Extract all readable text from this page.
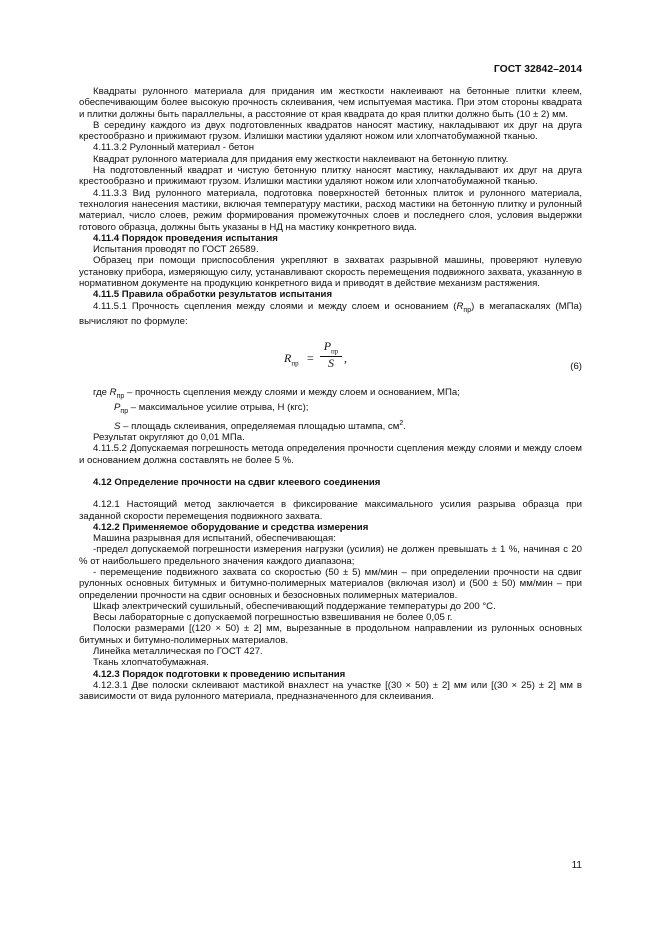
ГОСТ 32842–2014

Квадраты рулонного материала для придания им жесткости наклеивают на бетонные плитки клеем, обеспечивающим более высокую прочность склеивания, чем испытуемая мастика. При этом стороны квадрата и плитки должны быть параллельны, а расстояние от края квадрата до края плитки должно быть (10 ± 2) мм.

В середину каждого из двух подготовленных квадратов наносят мастику, накладывают их друг на друга крестообразно и прижимают грузом. Излишки мастики удаляют ножом или хлопчатобумажной тканью.

4.11.3.2 Рулонный материал - бетон

Квадрат рулонного материала для придания ему жесткости наклеивают на бетонную плитку.

На подготовленный квадрат и чистую бетонную плитку наносят мастику, накладывают их друг на друга крестообразно и прижимают грузом. Излишки мастики удаляют ножом или хлопчатобумажной тканью.

4.11.3.3 Вид рулонного материала, подготовка поверхностей бетонных плиток и рулонного материала, технология нанесения мастики, включая температуру мастики, расход мастики на бетонную плитку и рулонный материал, число слоев, режим формирования промежуточных слоев и последнего слоя, условия выдержки готового образца, должны быть указаны в НД на мастику конкретного вида.

4.11.4 Порядок проведения испытания

Испытания проводят по ГОСТ 26589.

Образец при помощи приспособления укрепляют в захватах разрывной машины, проверяют нулевую установку прибора, измеряющую силу, устанавливают скорость перемещения подвижного захвата, указанную в нормативном документе на продукцию конкретного вида и приводят в действие механизм растяжения.

4.11.5 Правила обработки результатов испытания

4.11.5.1 Прочность сцепления между слоями и между слоем и основанием $(R_{пр})$ в мегапаскалях (МПа) вычисляют по формуле:

$R_{пр}$ =
$P_{пр}$
S ,
(6)

где $R_{пр}$ – прочность сцепления между слоями и между слоем и основанием, МПа;

$P_{пр}$ – максимальное усилие отрыва, Н (кгс);

S – площадь склеивания, определяемая площадью штампа, $см^2$.

Результат округляют до 0,01 МПа.

4.11.5.2 Допускаемая погрешность метода определения прочности сцепления между слоями и между слоем и основанием должна составлять не более 5 %.

4.12 Определение прочности на сдвиг клеевого соединения

4.12.1 Настоящий метод заключается в фиксирование максимального усилия разрыва образца при заданной скорости перемещения подвижного захвата.

4.12.2 Применяемое оборудование и средства измерения

Машина разрывная для испытаний, обеспечивающая:

-предел допускаемой погрешности измерения нагрузки (усилия) не должен превышать ± 1 %, начиная с 20 % от наибольшего предельного значения каждого диапазона;

- перемещение подвижного захвата со скоростью (50 ± 5) мм/мин – при определении прочности на сдвиг рулонных основных битумных и битумно-полимерных материалов (включая изол) и (500 ± 50) мм/мин – при определении прочности на сдвиг основных и безосновных полимерных материалов.

Шкаф электрический сушильный, обеспечивающий поддержание температуры до 200 °С.

Весы лабораторные с допускаемой погрешностью взвешивания не более 0,05 г.

Полоски размерами [(120 × 50) ± 2] мм, вырезанные в продольном направлении из рулонных основных битумных и битумно-полимерных материалов.

Линейка металлическая по ГОСТ 427.

Ткань хлопчатобумажная.

4.12.3 Порядок подготовки к проведению испытания

4.12.3.1 Две полоски склеивают мастикой внахлест на участке [(30 × 50) ± 2] мм или [(30 × 25) ± 2] мм в зависимости от вида рулонного материала, предназначенного для склеивания.

11
